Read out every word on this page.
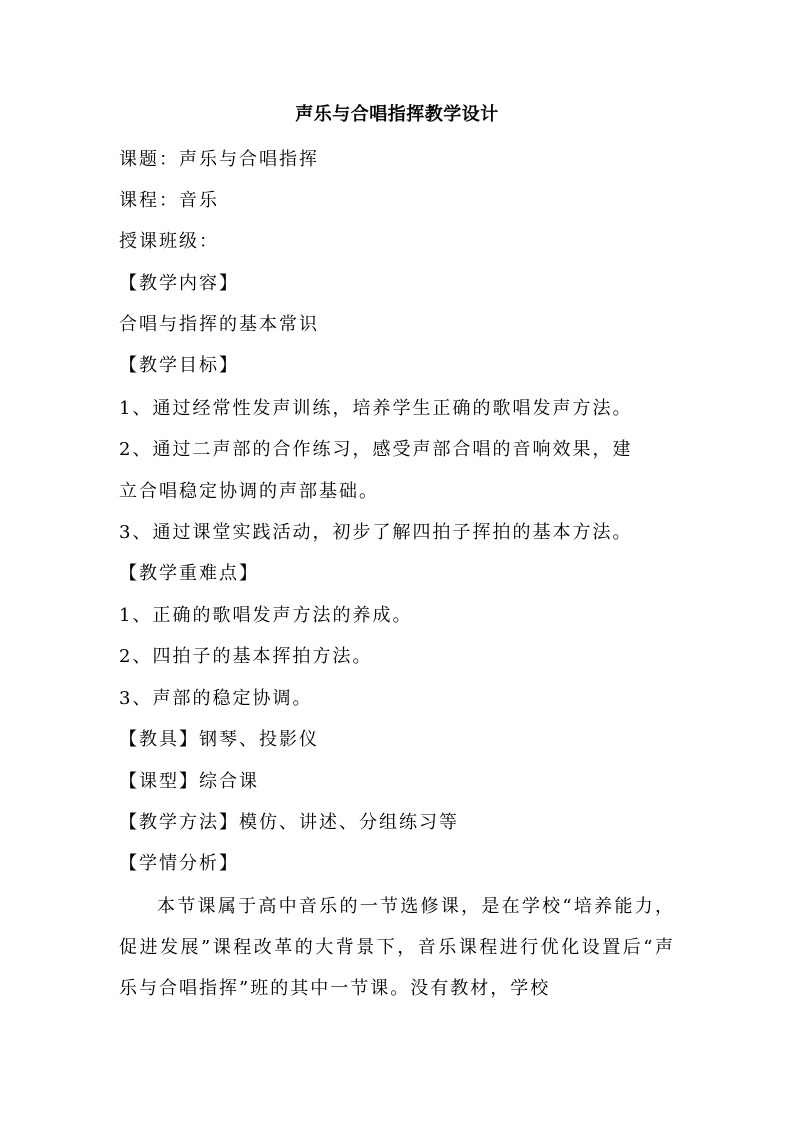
声乐与合唱指挥教学设计
课题：声乐与合唱指挥
课程：音乐
授课班级：
【教学内容】
合唱与指挥的基本常识
【教学目标】
1、通过经常性发声训练，培养学生正确的歌唱发声方法。
2、通过二声部的合作练习，感受声部合唱的音响效果，建
立合唱稳定协调的声部基础。
3、通过课堂实践活动，初步了解四拍子挥拍的基本方法。
【教学重难点】
1、正确的歌唱发声方法的养成。
2、四拍子的基本挥拍方法。
3、声部的稳定协调。
【教具】钢琴、投影仪
【课型】综合课
【教学方法】模仿、讲述、分组练习等
【学情分析】
本节课属于高中音乐的一节选修课，是在学校“培养能力，促进发展”课程改革的大背景下，音乐课程进行优化设置后“声乐与合唱指挥”班的其中一节课。没有教材，学校
